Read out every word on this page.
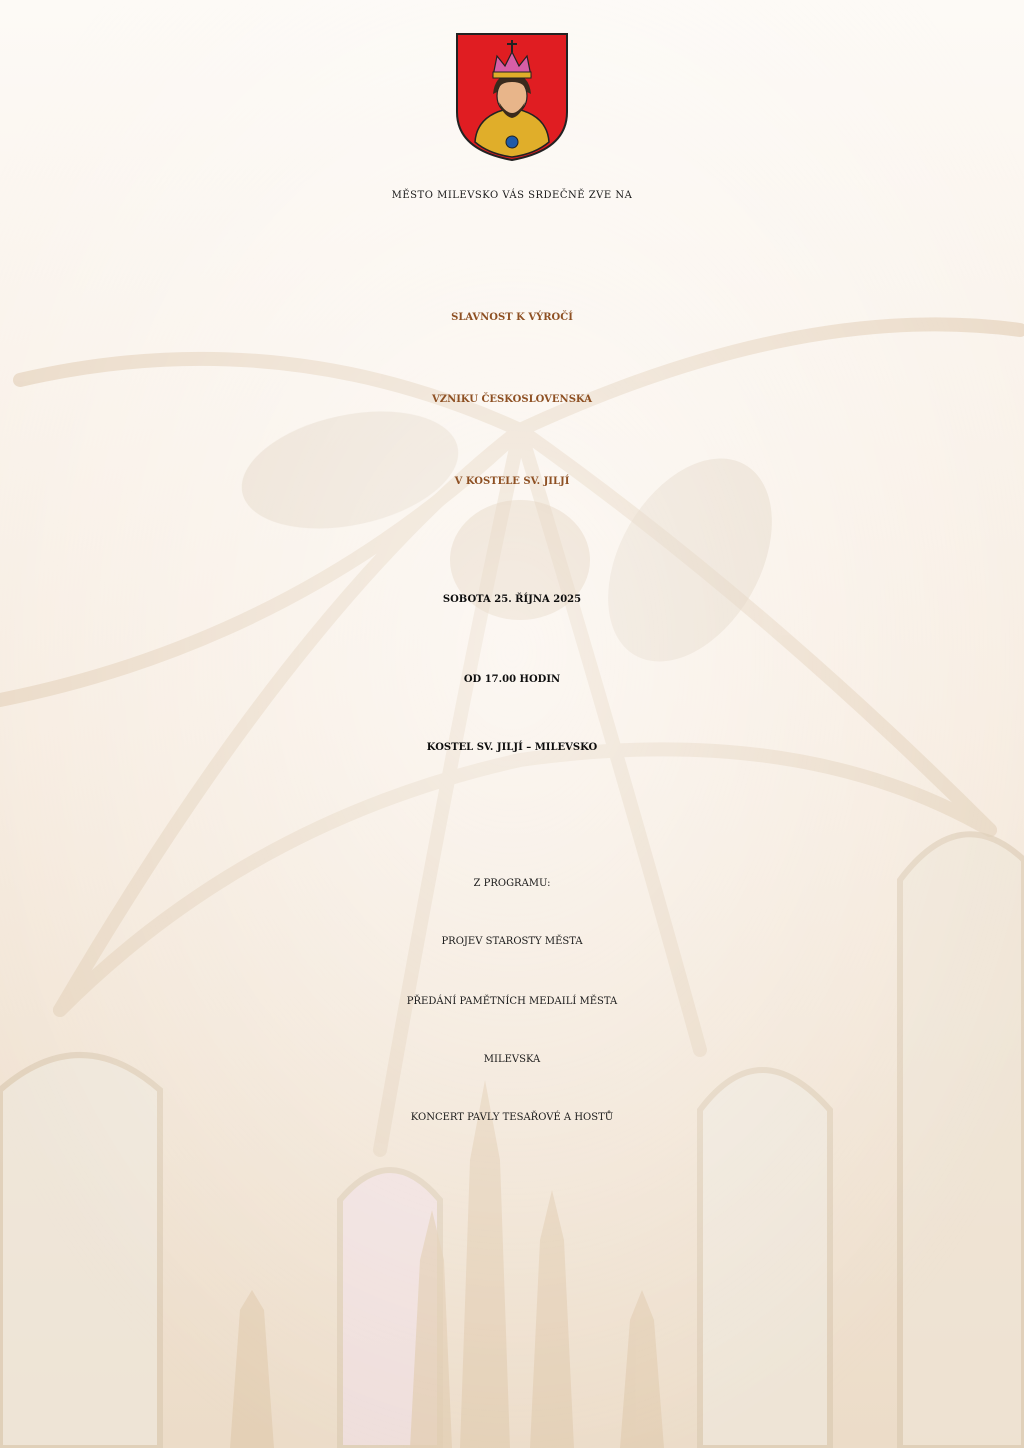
MĚSTO MILEVSKO VÁS SRDEČNĚ ZVE NA
SLAVNOST K VÝROČÍ
VZNIKU ČESKOSLOVENSKA
V KOSTELE SV. JILJÍ
SOBOTA 25. ŘÍJNA 2025
OD 17.00 HODIN
KOSTEL SV. JILJÍ – MILEVSKO
Z PROGRAMU:
PROJEV STAROSTY MĚSTA
PŘEDÁNÍ PAMĚTNÍCH MEDAILÍ MĚSTA
MILEVSKA
KONCERT PAVLY TESAŘOVÉ A HOSTŮ
